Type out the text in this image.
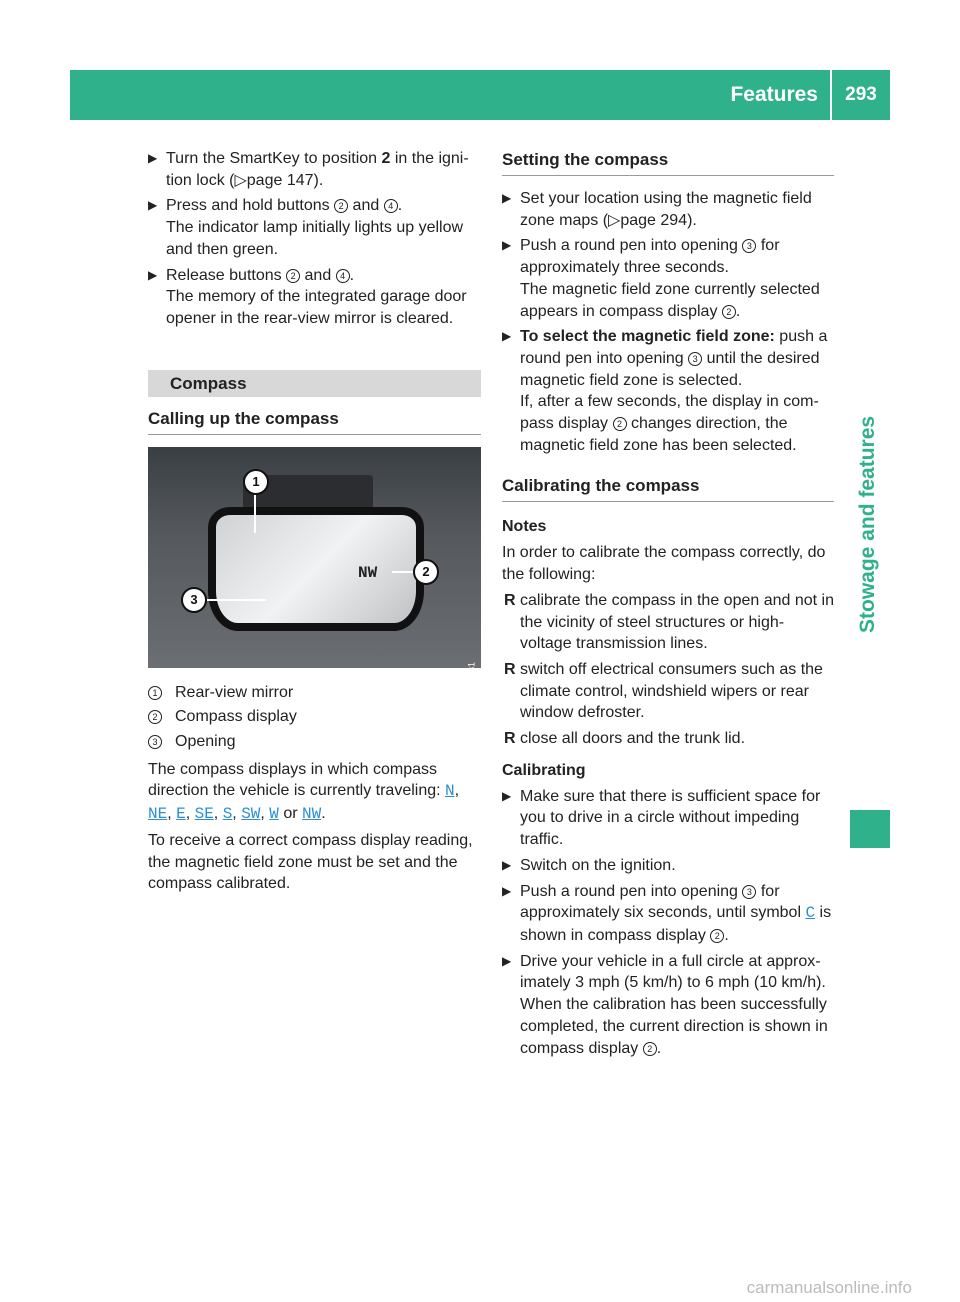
Features	293
Stowage and features
▶ Turn the SmartKey to position 2 in the ignition lock (▷page 147).
▶ Press and hold buttons 2 and 4 .
The indicator lamp initially lights up yellow and then green.
▶ Release buttons 2 and 4 .
The memory of the integrated garage door opener in the rear-view mirror is cleared.
Compass
Calling up the compass
NW
1
2
3
P68.00-7547-31
1 Rear-view mirror
2 Compass display
3 Opening

The compass displays in which compass direction the vehicle is currently traveling: N, NE, E, SE, S, SW, W or NW.

To receive a correct compass display reading, the magnetic field zone must be set and the compass calibrated.

Setting the compass
▶ Set your location using the magnetic field zone maps (▷page 294).
▶ Push a round pen into opening 3 for approximately three seconds.
The magnetic field zone currently selected appears in compass display 2 .
▶ To select the magnetic field zone: push a round pen into opening 3 until the desired magnetic field zone is selected.
If, after a few seconds, the display in compass display 2 changes direction, the magnetic field zone has been selected.
Calibrating the compass
Notes

In order to calibrate the compass correctly, do the following:

R calibrate the compass in the open and not in the vicinity of steel structures or high-voltage transmission lines.
R switch off electrical consumers such as the climate control, windshield wipers or rear window defroster.
R close all doors and the trunk lid.
Calibrating
▶ Make sure that there is sufficient space for you to drive in a circle without impeding traffic.
▶ Switch on the ignition.
▶ Push a round pen into opening 3 for approximately six seconds, until symbol C is shown in compass display 2 .
▶ Drive your vehicle in a full circle at approximately 3 mph (5 km/h) to 6 mph (10 km/h).
When the calibration has been successfully completed, the current direction is shown in compass display 2 .
carmanualsonline.info
